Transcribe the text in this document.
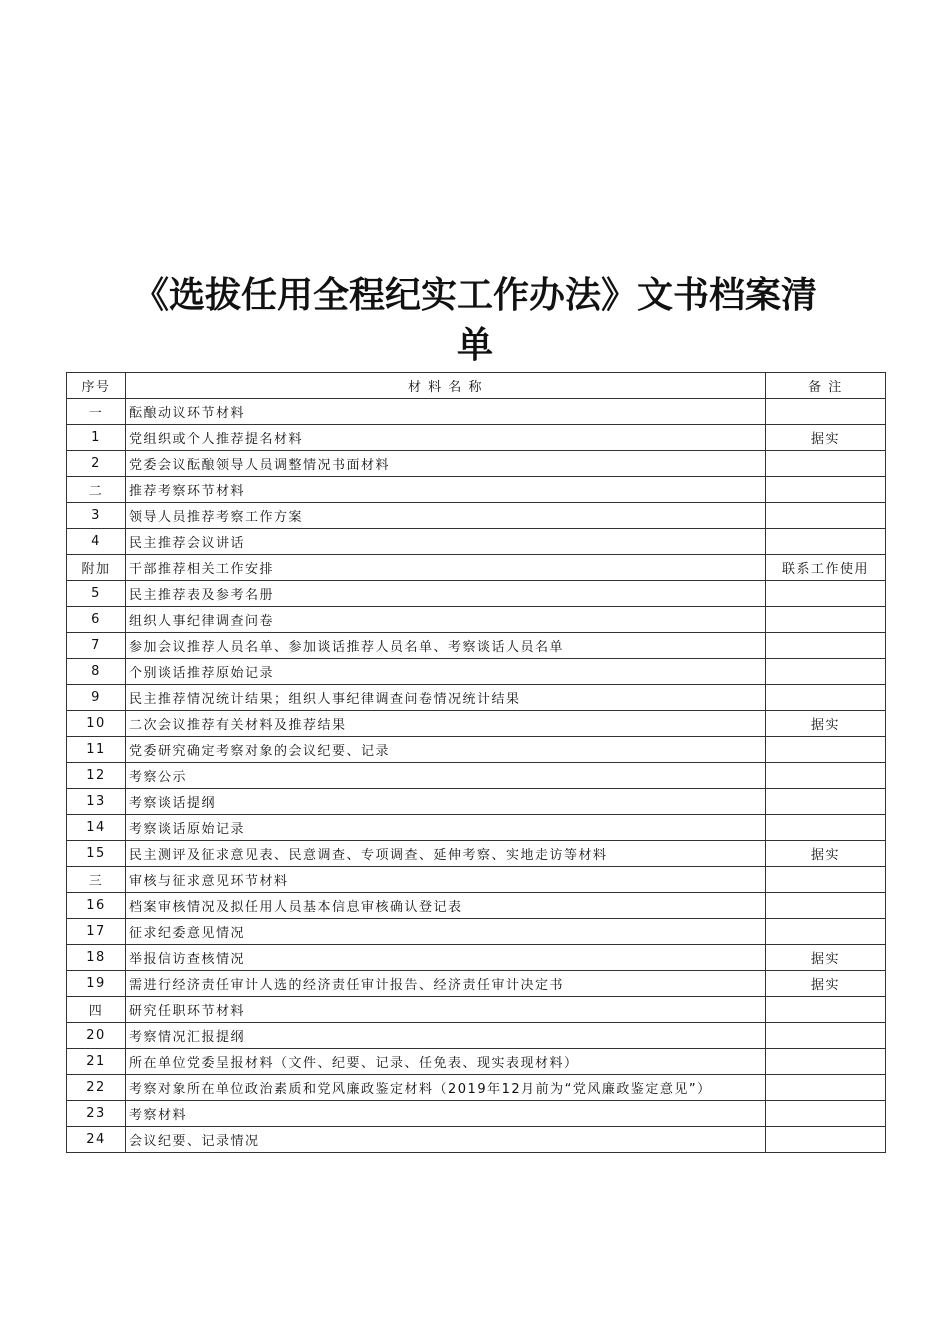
《选拔任用全程纪实工作办法》文书档案清
单
序号	材 料 名 称	备 注
一	酝酿动议环节材料	
1	党组织或个人推荐提名材料	据实
2	党委会议酝酿领导人员调整情况书面材料	
二	推荐考察环节材料	
3	领导人员推荐考察工作方案	
4	民主推荐会议讲话	
附加	干部推荐相关工作安排	联系工作使用
5	民主推荐表及参考名册	
6	组织人事纪律调查问卷	
7	参加会议推荐人员名单、参加谈话推荐人员名单、考察谈话人员名单	
8	个别谈话推荐原始记录	
9	民主推荐情况统计结果；组织人事纪律调查问卷情况统计结果	
10	二次会议推荐有关材料及推荐结果	据实
11	党委研究确定考察对象的会议纪要、记录	
12	考察公示	
13	考察谈话提纲	
14	考察谈话原始记录	
15	民主测评及征求意见表、民意调查、专项调查、延伸考察、实地走访等材料	据实
三	审核与征求意见环节材料	
16	档案审核情况及拟任用人员基本信息审核确认登记表	
17	征求纪委意见情况	
18	举报信访查核情况	据实
19	需进行经济责任审计人选的经济责任审计报告、经济责任审计决定书	据实
四	研究任职环节材料	
20	考察情况汇报提纲	
21	所在单位党委呈报材料（文件、纪要、记录、任免表、现实表现材料）	
22	考察对象所在单位政治素质和党风廉政鉴定材料（2019年12月前为“党风廉政鉴定意见”）	
23	考察材料	
24	会议纪要、记录情况	
